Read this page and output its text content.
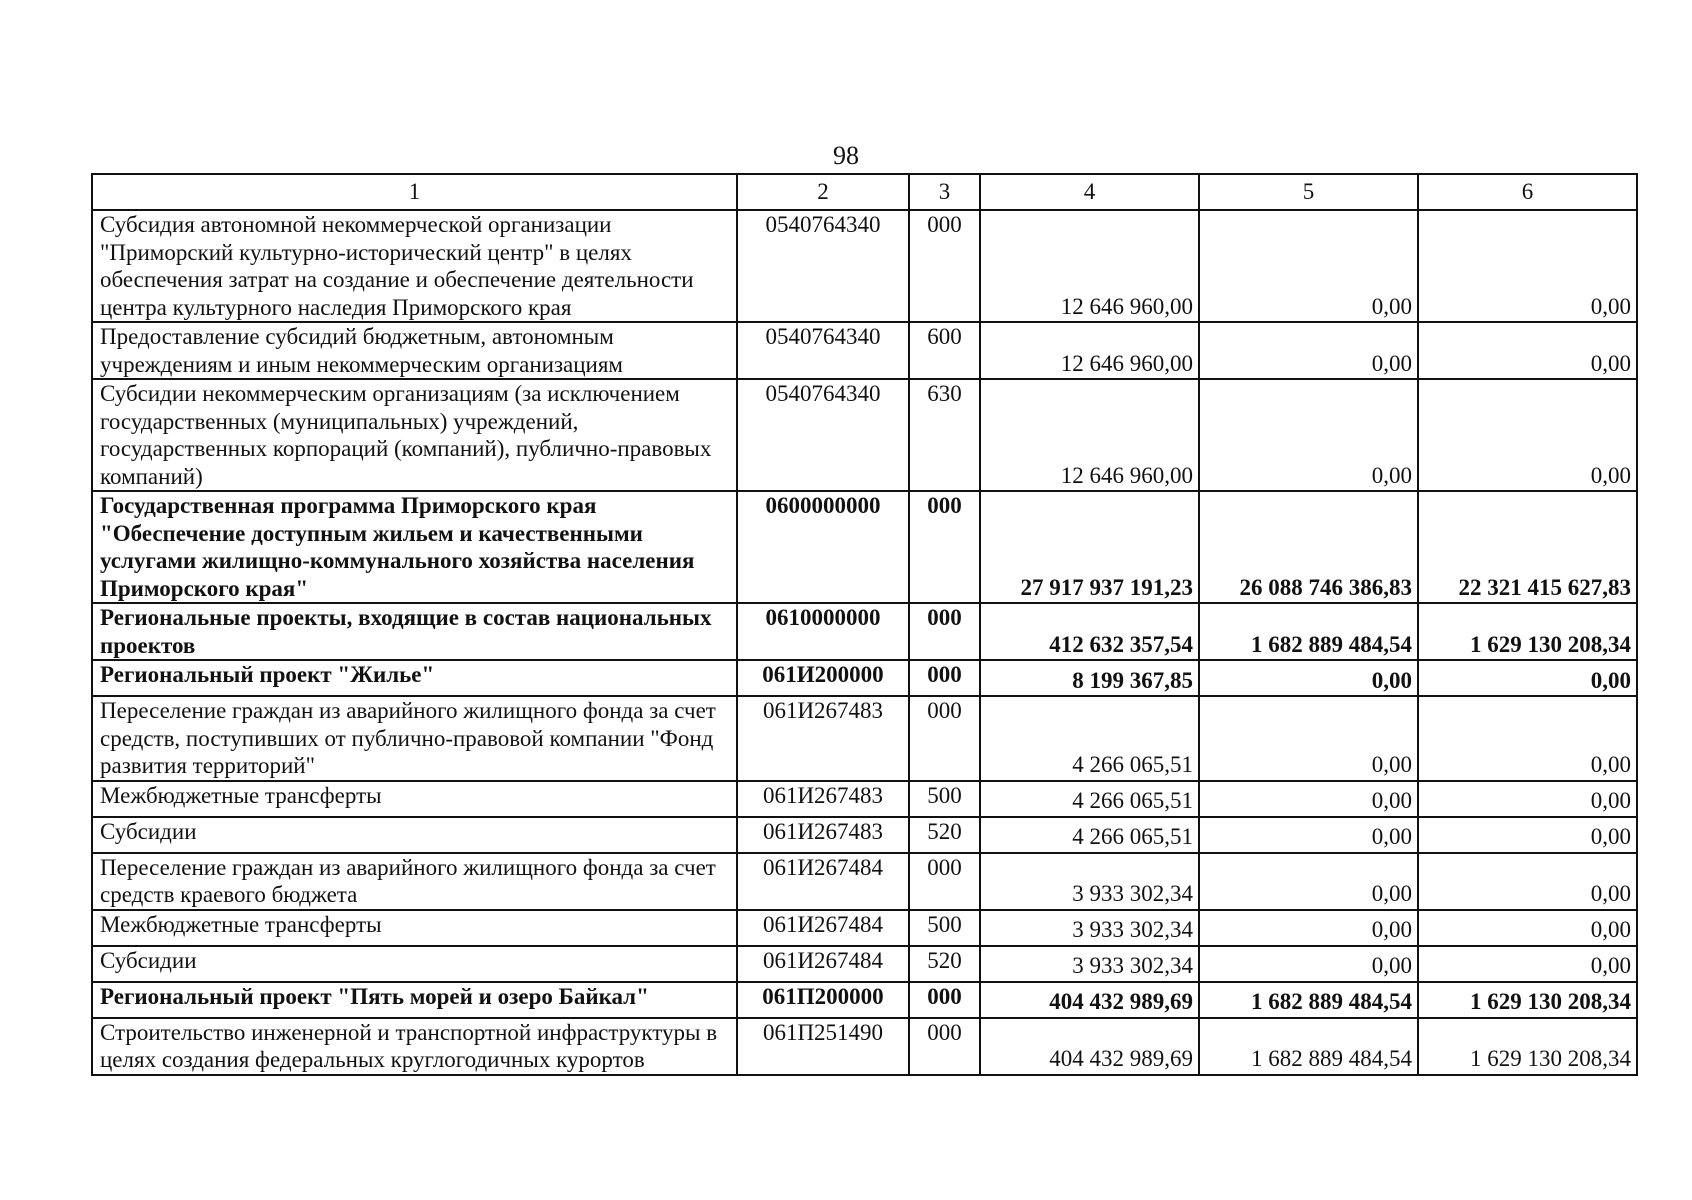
98
1	2	3	4	5	6
Субсидия автономной некоммерческой организации "Приморский культурно-исторический центр" в целях обеспечения затрат на создание и обеспечение деятельности центра культурного наследия Приморского края	0540764340	000	12 646 960,00	0,00	0,00
Предоставление субсидий бюджетным, автономным учреждениям и иным некоммерческим организациям	0540764340	600	12 646 960,00	0,00	0,00
Субсидии некоммерческим организациям (за исключением государственных (муниципальных) учреждений, государственных корпораций (компаний), публично-правовых компаний)	0540764340	630	12 646 960,00	0,00	0,00
Государственная программа Приморского края "Обеспечение доступным жильем и качественными услугами жилищно-коммунального хозяйства населения Приморского края"	0600000000	000	27 917 937 191,23	26 088 746 386,83	22 321 415 627,83
Региональные проекты, входящие в состав национальных проектов	0610000000	000	412 632 357,54	1 682 889 484,54	1 629 130 208,34
Региональный проект "Жилье"	061И200000	000	8 199 367,85	0,00	0,00
Переселение граждан из аварийного жилищного фонда за счет средств, поступивших от публично-правовой компании "Фонд развития территорий"	061И267483	000	4 266 065,51	0,00	0,00
Межбюджетные трансферты	061И267483	500	4 266 065,51	0,00	0,00
Субсидии	061И267483	520	4 266 065,51	0,00	0,00
Переселение граждан из аварийного жилищного фонда за счет средств краевого бюджета	061И267484	000	3 933 302,34	0,00	0,00
Межбюджетные трансферты	061И267484	500	3 933 302,34	0,00	0,00
Субсидии	061И267484	520	3 933 302,34	0,00	0,00
Региональный проект "Пять морей и озеро Байкал"	061П200000	000	404 432 989,69	1 682 889 484,54	1 629 130 208,34
Строительство инженерной и транспортной инфраструктуры в целях создания федеральных круглогодичных курортов	061П251490	000	404 432 989,69	1 682 889 484,54	1 629 130 208,34
